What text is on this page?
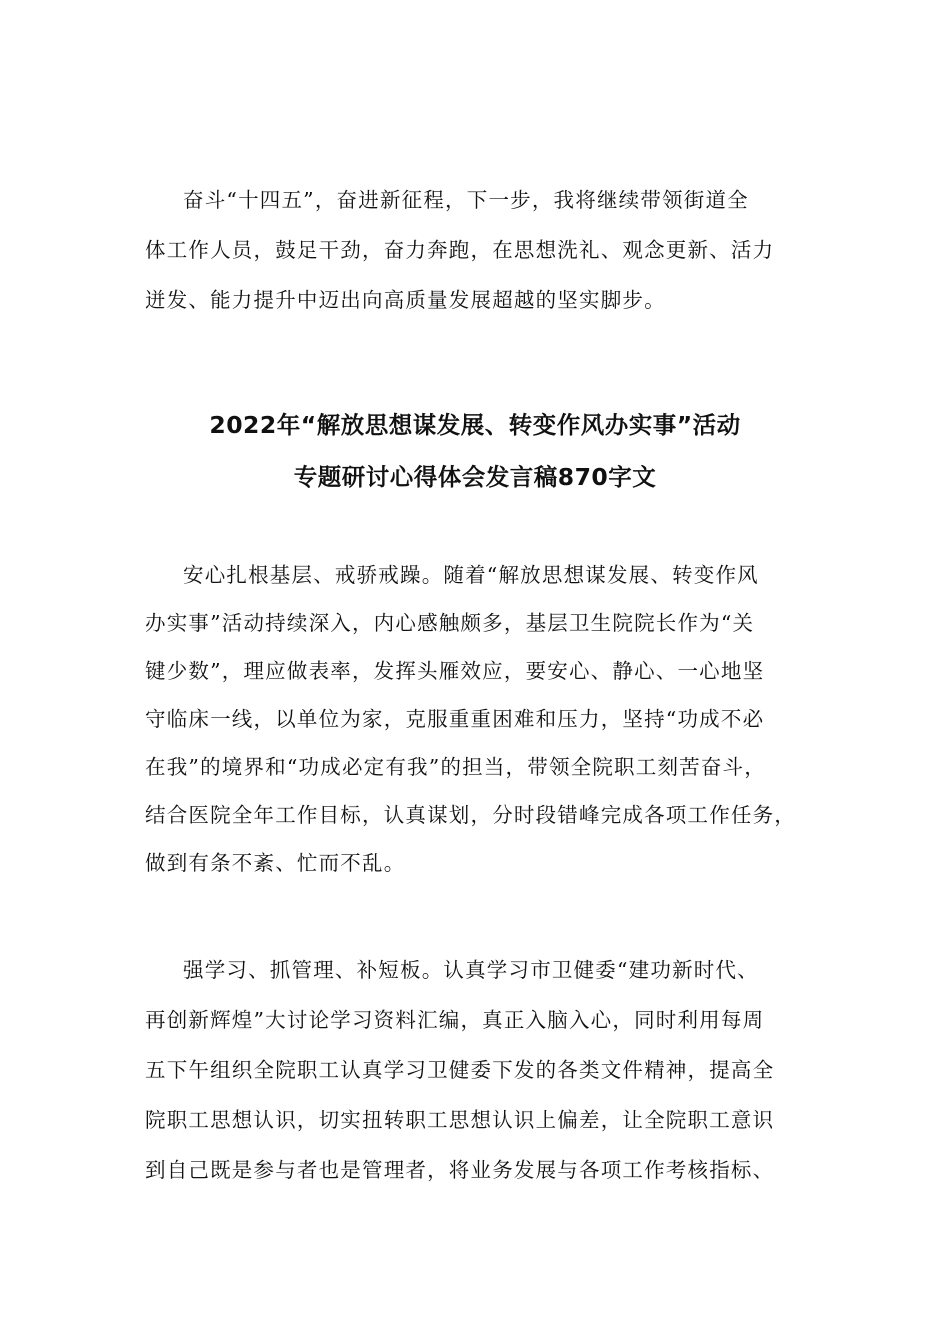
奋斗“十四五”，奋进新征程，下一步，我将继续带领街道全
体工作人员，鼓足干劲，奋力奔跑，在思想洗礼、观念更新、活力
迸发、能力提升中迈出向高质量发展超越的坚实脚步。
2022年“解放思想谋发展、转变作风办实事”活动
专题研讨心得体会发言稿870字文
安心扎根基层、戒骄戒躁。随着“解放思想谋发展、转变作风
办实事”活动持续深入，内心感触颇多，基层卫生院院长作为“关
键少数”，理应做表率，发挥头雁效应，要安心、静心、一心地坚
守临床一线，以单位为家，克服重重困难和压力，坚持“功成不必
在我”的境界和“功成必定有我”的担当，带领全院职工刻苦奋斗，
结合医院全年工作目标，认真谋划，分时段错峰完成各项工作任务，
做到有条不紊、忙而不乱。
强学习、抓管理、补短板。认真学习市卫健委“建功新时代、
再创新辉煌”大讨论学习资料汇编，真正入脑入心，同时利用每周
五下午组织全院职工认真学习卫健委下发的各类文件精神，提高全
院职工思想认识，切实扭转职工思想认识上偏差，让全院职工意识
到自己既是参与者也是管理者，将业务发展与各项工作考核指标、
